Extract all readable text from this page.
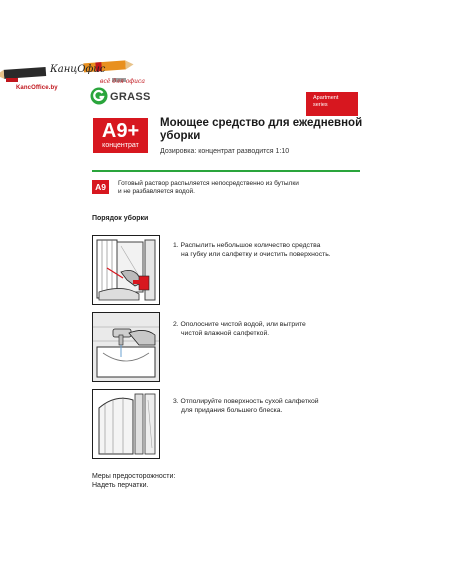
КанцОфис
всё для офиса
KancOffice.by
GRASS	Apartment
series
A9+
концентрат
Моющее средство для ежедневной уборки
Дозировка: концентрат разводится 1:10
A9	Готовый раствор распыляется непосредственно из бутылки
и не разбавляется водой.
Порядок уборки
1. Распылить небольшое количество средства
на губку или салфетку и очистить поверхность.
2. Ополосните чистой водой, или вытрите
чистой влажной салфеткой.
3. Отполируйте поверхность сухой салфеткой
для придания большего блеска.
Меры предосторожности:
Надеть перчатки.
